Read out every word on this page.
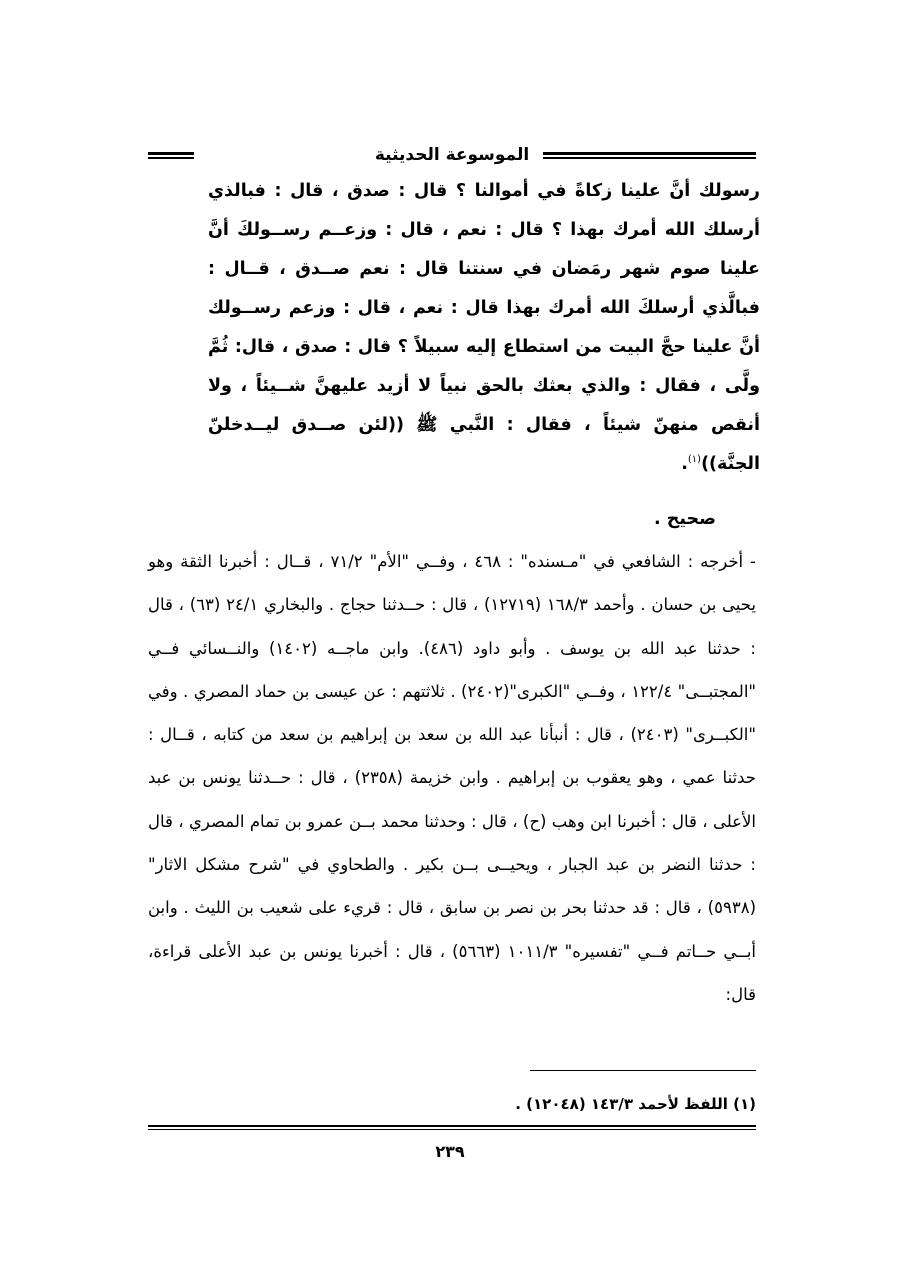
الموسوعة الحديثية

رسولك أنَّ علينا زكاةً في أموالنا ؟ قال : صدق ، قال : فبالذي أرسلك الله أمرك بهذا ؟ قال : نعم ، قال : وزعــم رســولكَ أنَّ علينا صوم شهر رمَضان في سنتنا قال : نعم صــدق ، قــال : فبالَّذي أرسلكَ الله أمرك بهذا قال : نعم ، قال : وزعم رســولك أنَّ علينا حجَّ البيت من استطاع إليه سبيلاً ؟ قال : صدق ، قال: ثُمَّ ولَّى ، فقال : والذي بعثك بالحق نبياً لا أزيد عليهنَّ شــيئاً ، ولا أنقص منهنّ شيئاً ، فقال : النَّبي ﷺ ((لئن صــدق ليــدخلنّ الجنَّة))$^{(١)}$.

صحيح .

- أخرجه : الشافعي في "مـسنده" : ٤٦٨ ، وفــي "الأم" ٧١/٢ ، قــال : أخبرنا الثقة وهو يحيى بن حسان . وأحمد ١٦٨/٣ (١٢٧١٩) ، قال : حــدثنا حجاج . والبخاري ٢٤/١ (٦٣) ، قال : حدثنا عبد الله بن يوسف . وأبو داود (٤٨٦). وابن ماجــه (١٤٠٢) والنــسائي فــي "المجتبــى" ١٢٢/٤ ، وفــي "الكبرى"(٢٤٠٢) . ثلاثتهم : عن عيسى بن حماد المصري . وفي "الكبــرى" (٢٤٠٣) ، قال : أنبأنا عبد الله بن سعد بن إبراهيم بن سعد من كتابه ، قــال : حدثنا عمي ، وهو يعقوب بن إبراهيم . وابن خزيمة (٢٣٥٨) ، قال : حــدثنا يونس بن عبد الأعلى ، قال : أخبرنا ابن وهب (ح) ، قال : وحدثنا محمد بــن عمرو بن تمام المصري ، قال : حدثنا النضر بن عبد الجبار ، ويحيــى بــن بكير . والطحاوي في "شرح مشكل الاثار" (٥٩٣٨) ، قال : قد حدثنا بحر بن نصر بن سابق ، قال : قريء على شعيب بن الليث . وابن أبــي حــاتم فــي "تفسيره" ١٠١١/٣ (٥٦٦٣) ، قال : أخبرنا يونس بن عبد الأعلى قراءة، قال:

(١) اللفظ لأحمد ١٤٣/٣ (١٢٠٤٨) .
٢٣٩
